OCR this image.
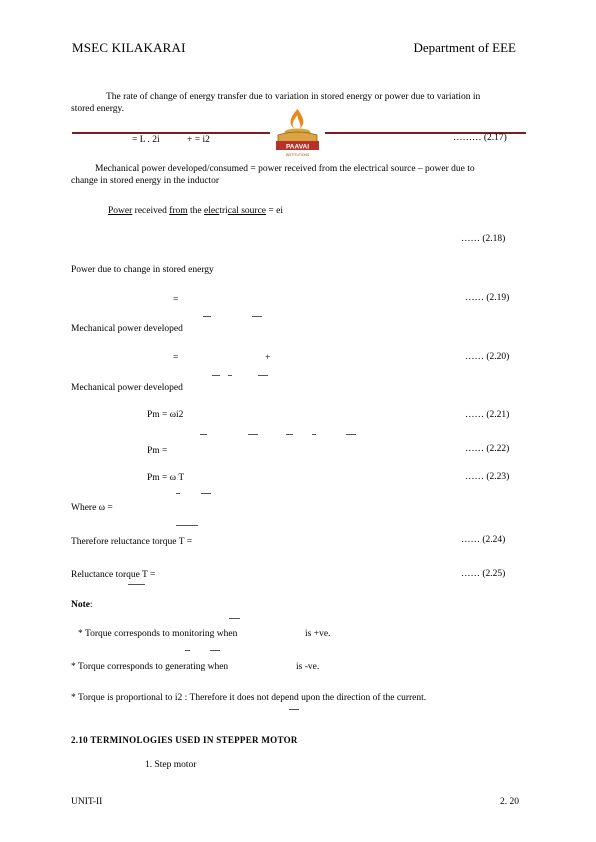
MSEC KILAKARAI	Department of EEE
The rate of change of energy transfer due to variation in stored energy or power due to variation in stored energy.
PAAVAI
INSTITUTIONS
= L . 2i	+ = i2	……… (2.17)
Mechanical power developed/consumed = power received from the electrical source – power due to change in stored energy in the inductor
Power received from the electrical source = ei
…… (2.18)
Power due to change in stored energy
=	…… (2.19)
Mechanical power developed
=	+	…… (2.20)
Mechanical power developed
Pm = ωi2	…… (2.21)
Pm =	…… (2.22)
Pm = ω T	…… (2.23)
Where ω =
Therefore reluctance torque T =	…… (2.24)
Reluctance torque T =	…… (2.25)
Note:
* Torque corresponds to monitoring when	is +ve.
* Torque corresponds to generating when	is -ve.
* Torque is proportional to i2 : Therefore it does not depend upon the direction of the current.
2.10 TERMINOLOGIES USED IN STEPPER MOTOR
1. Step motor
UNIT-II	2. 20
